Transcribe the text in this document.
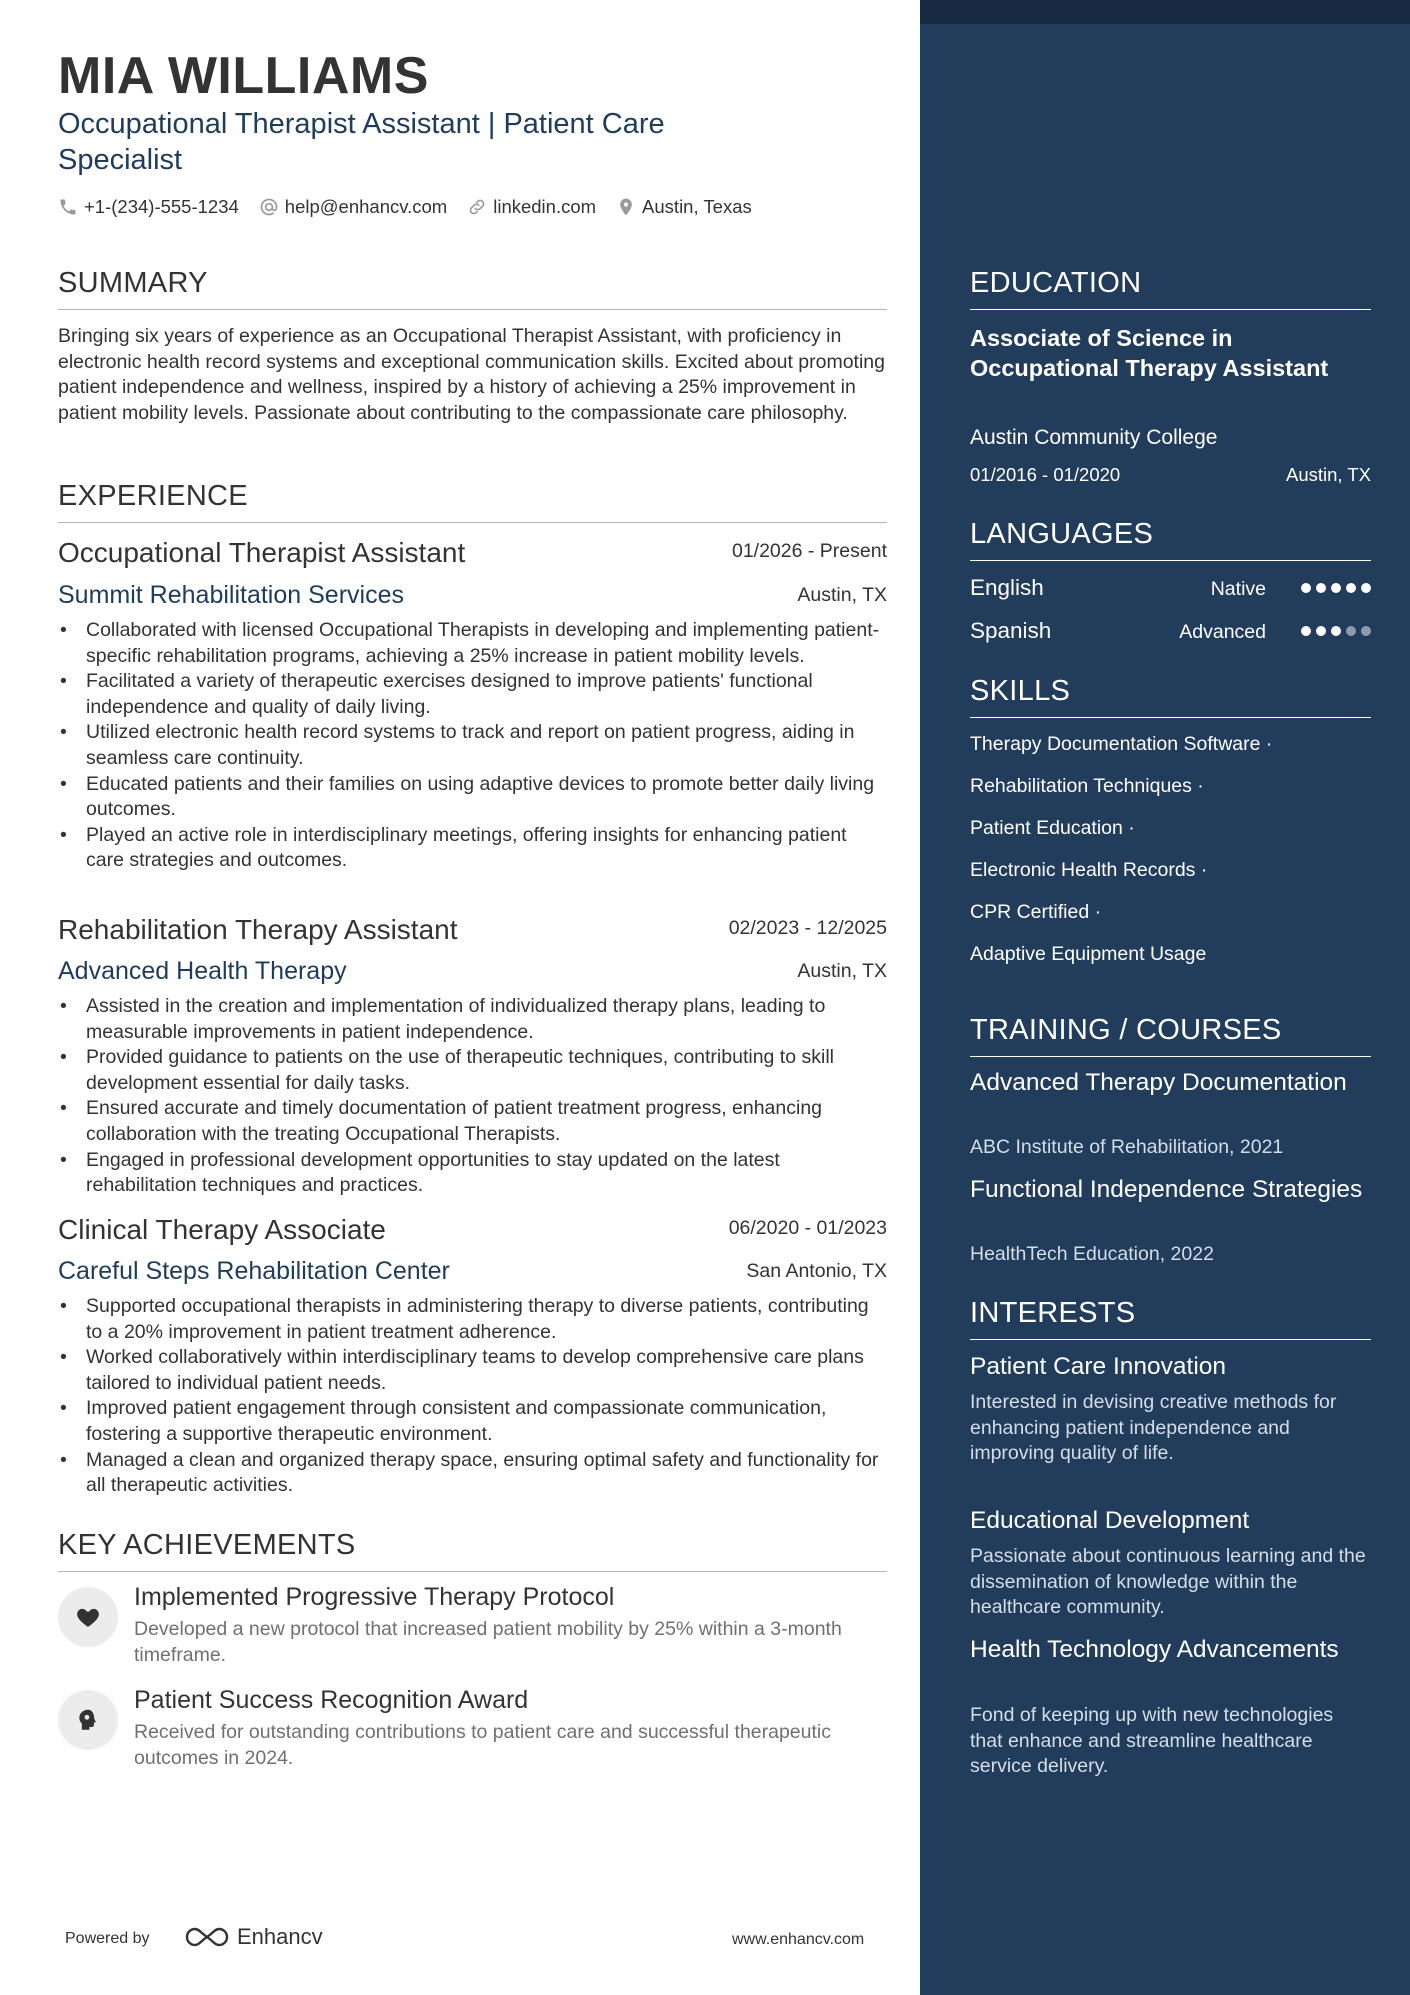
MIA WILLIAMS
Occupational Therapist Assistant | Patient Care Specialist
+1-(234)-555-1234 help@enhancv.com linkedin.com Austin, Texas
SUMMARY
Bringing six years of experience as an Occupational Therapist Assistant, with proficiency in electronic health record systems and exceptional communication skills. Excited about promoting patient independence and wellness, inspired by a history of achieving a 25% improvement in patient mobility levels. Passionate about contributing to the compassionate care philosophy.
EXPERIENCE
Occupational Therapist Assistant	01/2026 - Present
Summit Rehabilitation Services	Austin, TX
• Collaborated with licensed Occupational Therapists in developing and implementing patient-specific rehabilitation programs, achieving a 25% increase in patient mobility levels.
• Facilitated a variety of therapeutic exercises designed to improve patients' functional independence and quality of daily living.
• Utilized electronic health record systems to track and report on patient progress, aiding in seamless care continuity.
• Educated patients and their families on using adaptive devices to promote better daily living outcomes.
• Played an active role in interdisciplinary meetings, offering insights for enhancing patient care strategies and outcomes.
Rehabilitation Therapy Assistant	02/2023 - 12/2025
Advanced Health Therapy	Austin, TX
• Assisted in the creation and implementation of individualized therapy plans, leading to measurable improvements in patient independence.
• Provided guidance to patients on the use of therapeutic techniques, contributing to skill development essential for daily tasks.
• Ensured accurate and timely documentation of patient treatment progress, enhancing collaboration with the treating Occupational Therapists.
• Engaged in professional development opportunities to stay updated on the latest rehabilitation techniques and practices.
Clinical Therapy Associate	06/2020 - 01/2023
Careful Steps Rehabilitation Center	San Antonio, TX
• Supported occupational therapists in administering therapy to diverse patients, contributing to a 20% improvement in patient treatment adherence.
• Worked collaboratively within interdisciplinary teams to develop comprehensive care plans tailored to individual patient needs.
• Improved patient engagement through consistent and compassionate communication, fostering a supportive therapeutic environment.
• Managed a clean and organized therapy space, ensuring optimal safety and functionality for all therapeutic activities.
KEY ACHIEVEMENTS
Implemented Progressive Therapy Protocol
Developed a new protocol that increased patient mobility by 25% within a 3-month timeframe.
Patient Success Recognition Award
Received for outstanding contributions to patient care and successful therapeutic outcomes in 2024.
Powered by	Enhancv	www.enhancv.com
EDUCATION
Associate of Science in Occupational Therapy Assistant
Austin Community College
01/2016 - 01/2020	Austin, TX
LANGUAGES
English	Native
Spanish	Advanced
SKILLS
Therapy Documentation Software ·
Rehabilitation Techniques ·
Patient Education ·
Electronic Health Records ·
CPR Certified ·
Adaptive Equipment Usage
TRAINING / COURSES
Advanced Therapy Documentation
ABC Institute of Rehabilitation, 2021
Functional Independence Strategies
HealthTech Education, 2022
INTERESTS
Patient Care Innovation
Interested in devising creative methods for enhancing patient independence and improving quality of life.
Educational Development
Passionate about continuous learning and the dissemination of knowledge within the healthcare community.
Health Technology Advancements
Fond of keeping up with new technologies that enhance and streamline healthcare service delivery.
